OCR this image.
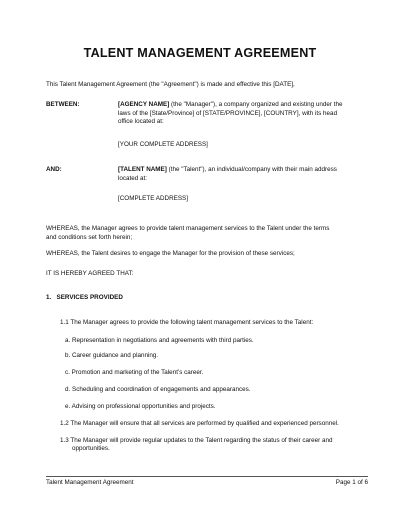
TALENT MANAGEMENT AGREEMENT
This Talent Management Agreement (the "Agreement") is made and effective this [DATE],
BETWEEN:	[AGENCY NAME] (the "Manager"), a company organized and existing under the
laws of the [State/Province] of [STATE/PROVINCE], [COUNTRY], with its head
office located at:
[YOUR COMPLETE ADDRESS]
AND:	[TALENT NAME] (the "Talent"), an individual/company with their main address
located at:
[COMPLETE ADDRESS]
WHEREAS, the Manager agrees to provide talent management services to the Talent under the terms
and conditions set forth herein;
WHEREAS, the Talent desires to engage the Manager for the provision of these services;
IT IS HEREBY AGREED THAT:
1.   SERVICES PROVIDED
1.1 The Manager agrees to provide the following talent management services to the Talent:
a. Representation in negotiations and agreements with third parties.
b. Career guidance and planning.
c. Promotion and marketing of the Talent’s career.
d. Scheduling and coordination of engagements and appearances.
e. Advising on professional opportunities and projects.
1.2 The Manager will ensure that all services are performed by qualified and experienced personnel.
1.3 The Manager will provide regular updates to the Talent regarding the status of their career and
opportunities.
Talent Management Agreement	Page 1 of 6
